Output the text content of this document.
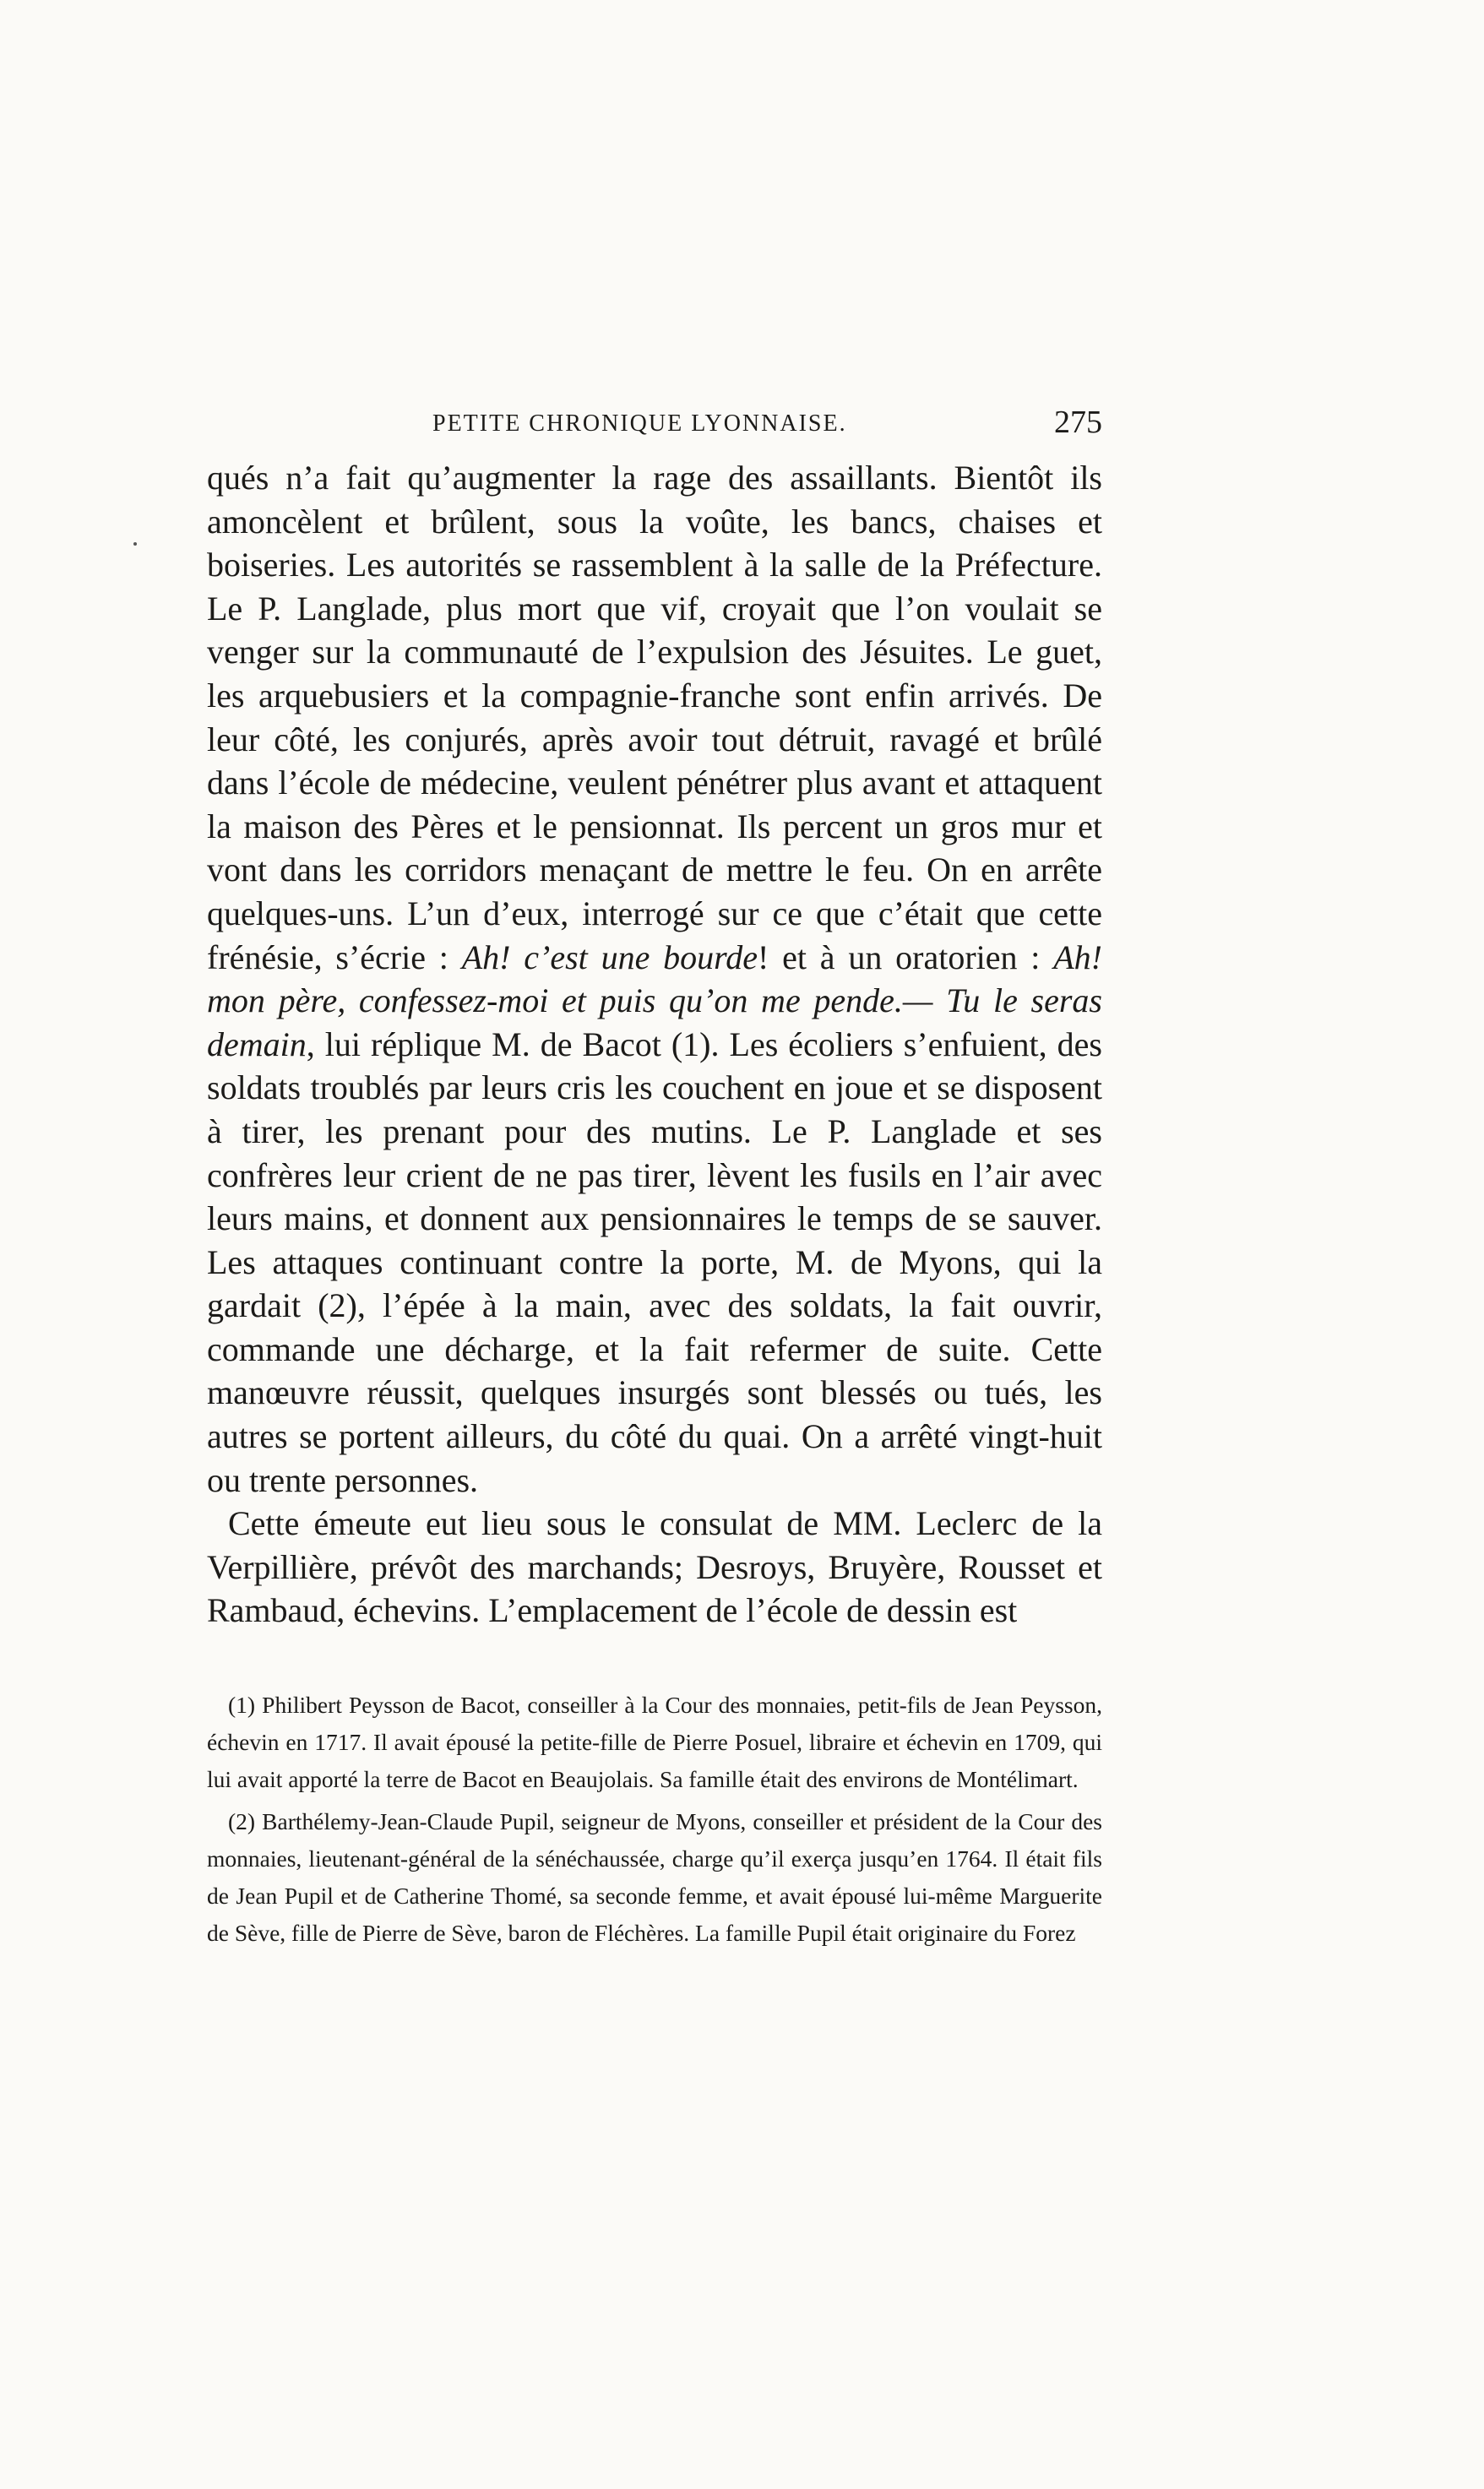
PETITE CHRONIQUE LYONNAISE.	275

qués n’a fait qu’augmenter la rage des assaillants. Bientôt ils amoncèlent et brûlent, sous la voûte, les bancs, chaises et boiseries. Les autorités se rassemblent à la salle de la Préfecture. Le P. Langlade, plus mort que vif, croyait que l’on voulait se venger sur la communauté de l’expulsion des Jésuites. Le guet, les arquebusiers et la compagnie-franche sont enfin arrivés. De leur côté, les conjurés, après avoir tout détruit, ravagé et brûlé dans l’école de médecine, veulent pénétrer plus avant et attaquent la maison des Pères et le pensionnat. Ils percent un gros mur et vont dans les corridors menaçant de mettre le feu. On en arrête quelques-uns. L’un d’eux, interrogé sur ce que c’était que cette frénésie, s’écrie : Ah! c’est une bourde! et à un oratorien : Ah! mon père, confessez-moi et puis qu’on me pende.— Tu le seras demain, lui réplique M. de Bacot (1). Les écoliers s’enfuient, des soldats troublés par leurs cris les couchent en joue et se disposent à tirer, les prenant pour des mutins. Le P. Langlade et ses confrères leur crient de ne pas tirer, lèvent les fusils en l’air avec leurs mains, et donnent aux pensionnaires le temps de se sauver. Les attaques continuant contre la porte, M. de Myons, qui la gardait (2), l’épée à la main, avec des soldats, la fait ouvrir, commande une décharge, et la fait refermer de suite. Cette manœuvre réussit, quelques insurgés sont blessés ou tués, les autres se portent ailleurs, du côté du quai. On a arrêté vingt-huit ou trente personnes.

Cette émeute eut lieu sous le consulat de MM. Leclerc de la Verpillière, prévôt des marchands; Desroys, Bruyère, Rousset et Rambaud, échevins. L’emplacement de l’école de dessin est

(1) Philibert Peysson de Bacot, conseiller à la Cour des monnaies, petit-fils de Jean Peysson, échevin en 1717. Il avait épousé la petite-fille de Pierre Posuel, libraire et échevin en 1709, qui lui avait apporté la terre de Bacot en Beaujolais. Sa famille était des environs de Montélimart.

(2) Barthélemy-Jean-Claude Pupil, seigneur de Myons, conseiller et président de la Cour des monnaies, lieutenant-général de la sénéchaussée, charge qu’il exerça jusqu’en 1764. Il était fils de Jean Pupil et de Catherine Thomé, sa seconde femme, et avait épousé lui-même Marguerite de Sève, fille de Pierre de Sève, baron de Fléchères. La famille Pupil était originaire du Forez
